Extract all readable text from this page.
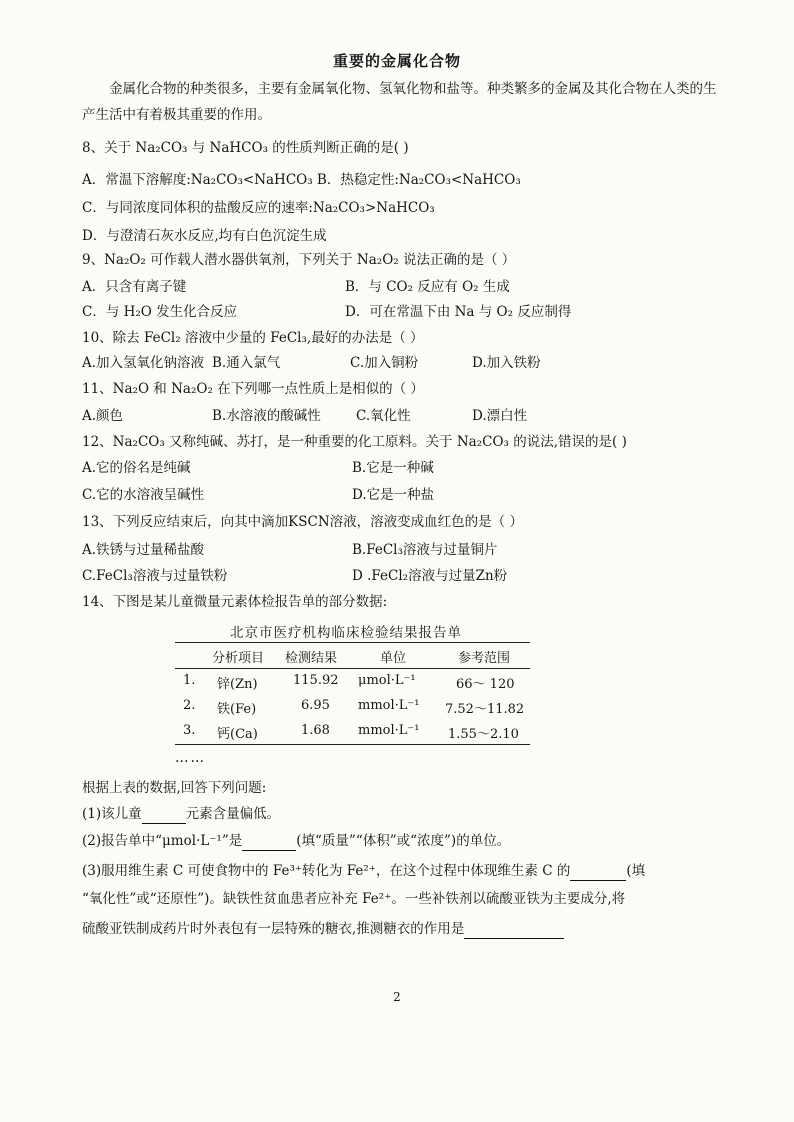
重要的金属化合物
金属化合物的种类很多，主要有金属氧化物、氢氧化物和盐等。种类繁多的金属及其化合物在人类的生产生活中有着极其重要的作用。
8、关于 Na₂CO₃ 与 NaHCO₃ 的性质判断正确的是( )
A．常温下溶解度:Na₂CO₃<NaHCO₃ B．热稳定性:Na₂CO₃<NaHCO₃
C．与同浓度同体积的盐酸反应的速率:Na₂CO₃>NaHCO₃
D．与澄清石灰水反应,均有白色沉淀生成
9、Na₂O₂ 可作载人潜水器供氧剂，下列关于 Na₂O₂ 说法正确的是（ ）
A．只含有离子键	B．与 CO₂ 反应有 O₂ 生成
C．与 H₂O 发生化合反应	D．可在常温下由 Na 与 O₂ 反应制得
10、除去 FeCl₂ 溶液中少量的 FeCl₃,最好的办法是（ ）
A.加入氢氧化钠溶液 B.通入氯气	C.加入铜粉	D.加入铁粉
11、Na₂O 和 Na₂O₂ 在下列哪一点性质上是相似的（ ）
A.颜色	B.水溶液的酸碱性	C.氧化性	D.漂白性
12、Na₂CO₃ 又称纯碱、苏打，是一种重要的化工原料。关于 Na₂CO₃ 的说法,错误的是( )
A.它的俗名是纯碱	B.它是一种碱
C.它的水溶液呈碱性	D.它是一种盐
13、下列反应结束后，向其中滴加KSCN溶液，溶液变成血红色的是（ ）
A.铁锈与过量稀盐酸	B.FeCl₃溶液与过量铜片
C.FeCl₃溶液与过量铁粉	D .FeCl₂溶液与过量Zn粉
14、下图是某儿童微量元素体检报告单的部分数据:
北京市医疗机构临床检验结果报告单
分析项目 检测结果	单位	参考范围
1. 锌(Zn)	115.92 μmol·L⁻¹	66～ 120
2. 铁(Fe)	6.95 mmol·L⁻¹ 7.52～11.82
3. 钙(Ca)	1.68 mmol·L⁻¹ 1.55～2.10
……
根据上表的数据,回答下列问题:
(1)该儿童	元素含量偏低。
(2)报告单中“μmol·L⁻¹”是	(填“质量”“体积”或“浓度”)的单位。
(3)服用维生素 C 可使食物中的 Fe³⁺转化为 Fe²⁺，在这个过程中体现维生素 C 的	(填
“氧化性”或“还原性”)。缺铁性贫血患者应补充 Fe²⁺。一些补铁剂以硫酸亚铁为主要成分,将
硫酸亚铁制成药片时外表包有一层特殊的糖衣,推测糖衣的作用是
2
